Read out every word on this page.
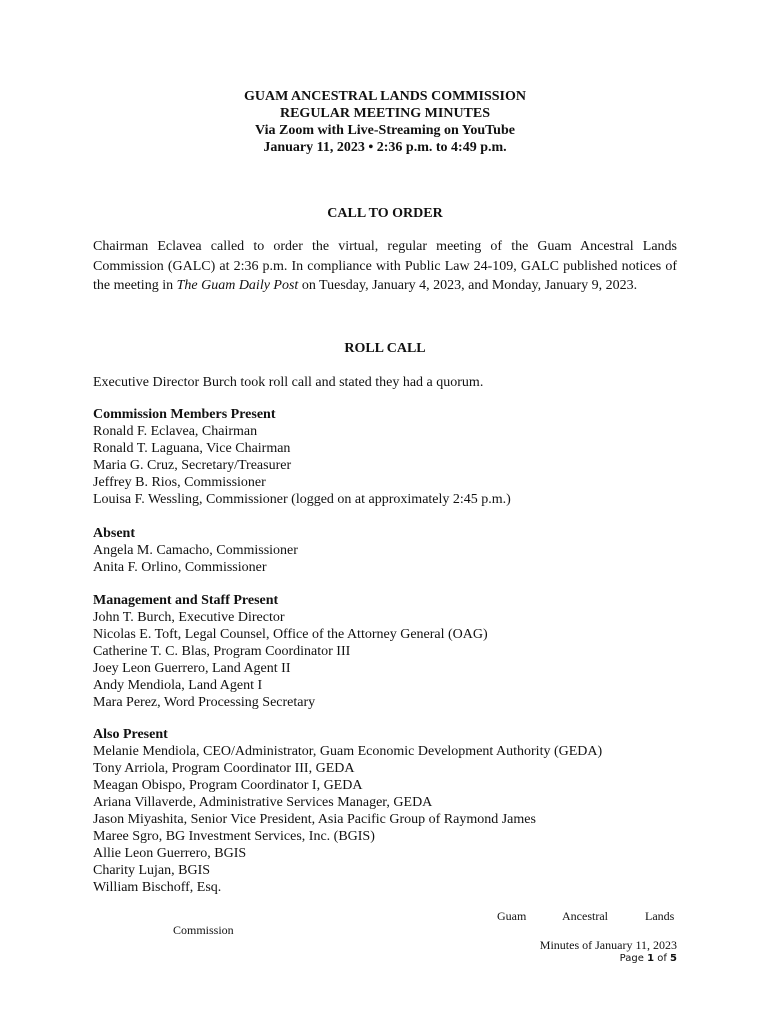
GUAM ANCESTRAL LANDS COMMISSION
REGULAR MEETING MINUTES
Via Zoom with Live-Streaming on YouTube
January 11, 2023 • 2:36 p.m. to 4:49 p.m.
CALL TO ORDER
Chairman Eclavea called to order the virtual, regular meeting of the Guam Ancestral Lands Commission (GALC) at 2:36 p.m. In compliance with Public Law 24-109, GALC published notices of the meeting in The Guam Daily Post on Tuesday, January 4, 2023, and Monday, January 9, 2023.
ROLL CALL
Executive Director Burch took roll call and stated they had a quorum.
Commission Members Present
Ronald F. Eclavea, Chairman
Ronald T. Laguana, Vice Chairman
Maria G. Cruz, Secretary/Treasurer
Jeffrey B. Rios, Commissioner
Louisa F. Wessling, Commissioner (logged on at approximately 2:45 p.m.)
Absent
Angela M. Camacho, Commissioner
Anita F. Orlino, Commissioner
Management and Staff Present
John T. Burch, Executive Director
Nicolas E. Toft, Legal Counsel, Office of the Attorney General (OAG)
Catherine T. C. Blas, Program Coordinator III
Joey Leon Guerrero, Land Agent II
Andy Mendiola, Land Agent I
Mara Perez, Word Processing Secretary
Also Present
Melanie Mendiola, CEO/Administrator, Guam Economic Development Authority (GEDA)
Tony Arriola, Program Coordinator III, GEDA
Meagan Obispo, Program Coordinator I, GEDA
Ariana Villaverde, Administrative Services Manager, GEDA
Jason Miyashita, Senior Vice President, Asia Pacific Group of Raymond James
Maree Sgro, BG Investment Services, Inc. (BGIS)
Allie Leon Guerrero, BGIS
Charity Lujan, BGIS
William Bischoff, Esq.
Guam	Ancestral	Lands
Commission
Minutes of January 11, 2023
Page 1 of 5
